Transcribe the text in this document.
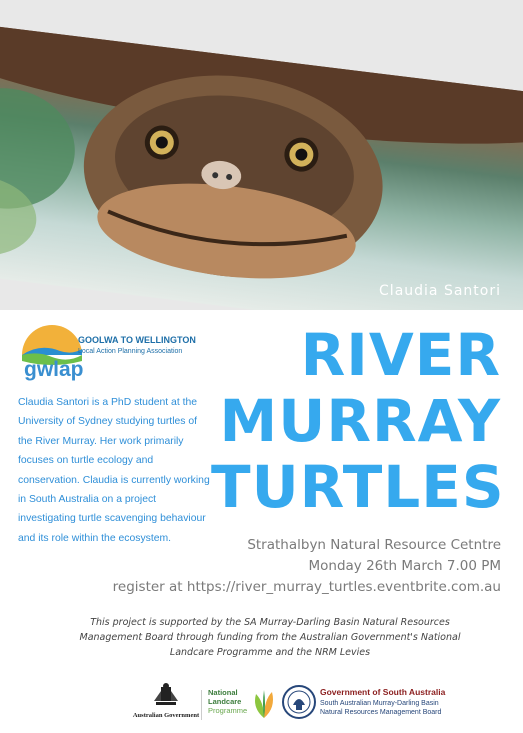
Claudia Santori
GOOLWA TO WELLINGTON
Local Action Planning Association
gwlap
Claudia Santori is a PhD student at the University of Sydney studying turtles of the River Murray. Her work primarily focuses on turtle ecology and conservation. Claudia is currently working in South Australia on a project investigating turtle scavenging behaviour and its role within the ecosystem.
RIVER
MURRAY
TURTLES
Strathalbyn Natural Resource Cetntre
Monday 26th March 7.00 PM
register at https://river_murray_turtles.eventbrite.com.au
This project is supported by the SA Murray-Darling Basin Natural Resources Management Board through funding from the Australian Government's National Landcare Programme and the NRM Levies
Australian Government
National
Landcare
Programme
Government of South Australia
South Australian Murray-Darling Basin
Natural Resources Management Board
